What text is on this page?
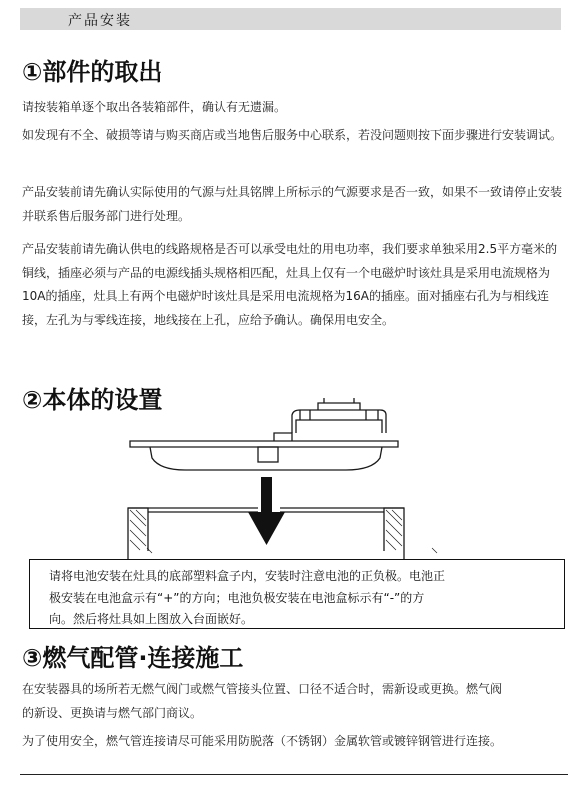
产品安装
①部件的取出

请按装箱单逐个取出各装箱部件，确认有无遗漏。

如发现有不全、破损等请与购买商店或当地售后服务中心联系，若没问题则按下面步骤进行安装调试。

产品安装前请先确认实际使用的气源与灶具铭牌上所标示的气源要求是否一致，如果不一致请停止安装并联系售后服务部门进行处理。

产品安装前请先确认供电的线路规格是否可以承受电灶的用电功率，我们要求单独采用2.5平方毫米的铜线，插座必须与产品的电源线插头规格相匹配，灶具上仅有一个电磁炉时该灶具是采用电流规格为10A的插座，灶具上有两个电磁炉时该灶具是采用电流规格为16A的插座。面对插座右孔为与相线连接，左孔为与零线连接，地线接在上孔，应给予确认。确保用电安全。

②本体的设置

请将电池安装在灶具的底部塑料盒子内，安装时注意电池的正负极。电池正

极安装在电池盒示有“+”的方向；电池负极安装在电池盒标示有“-”的方

向。然后将灶具如上图放入台面嵌好。

③燃气配管·连接施工

在安装器具的场所若无燃气阀门或燃气管接头位置、口径不适合时，需新设或更换。燃气阀的新设、更换请与燃气部门商议。

为了使用安全，燃气管连接请尽可能采用防脱落（不锈钢）金属软管或镀锌钢管进行连接。
